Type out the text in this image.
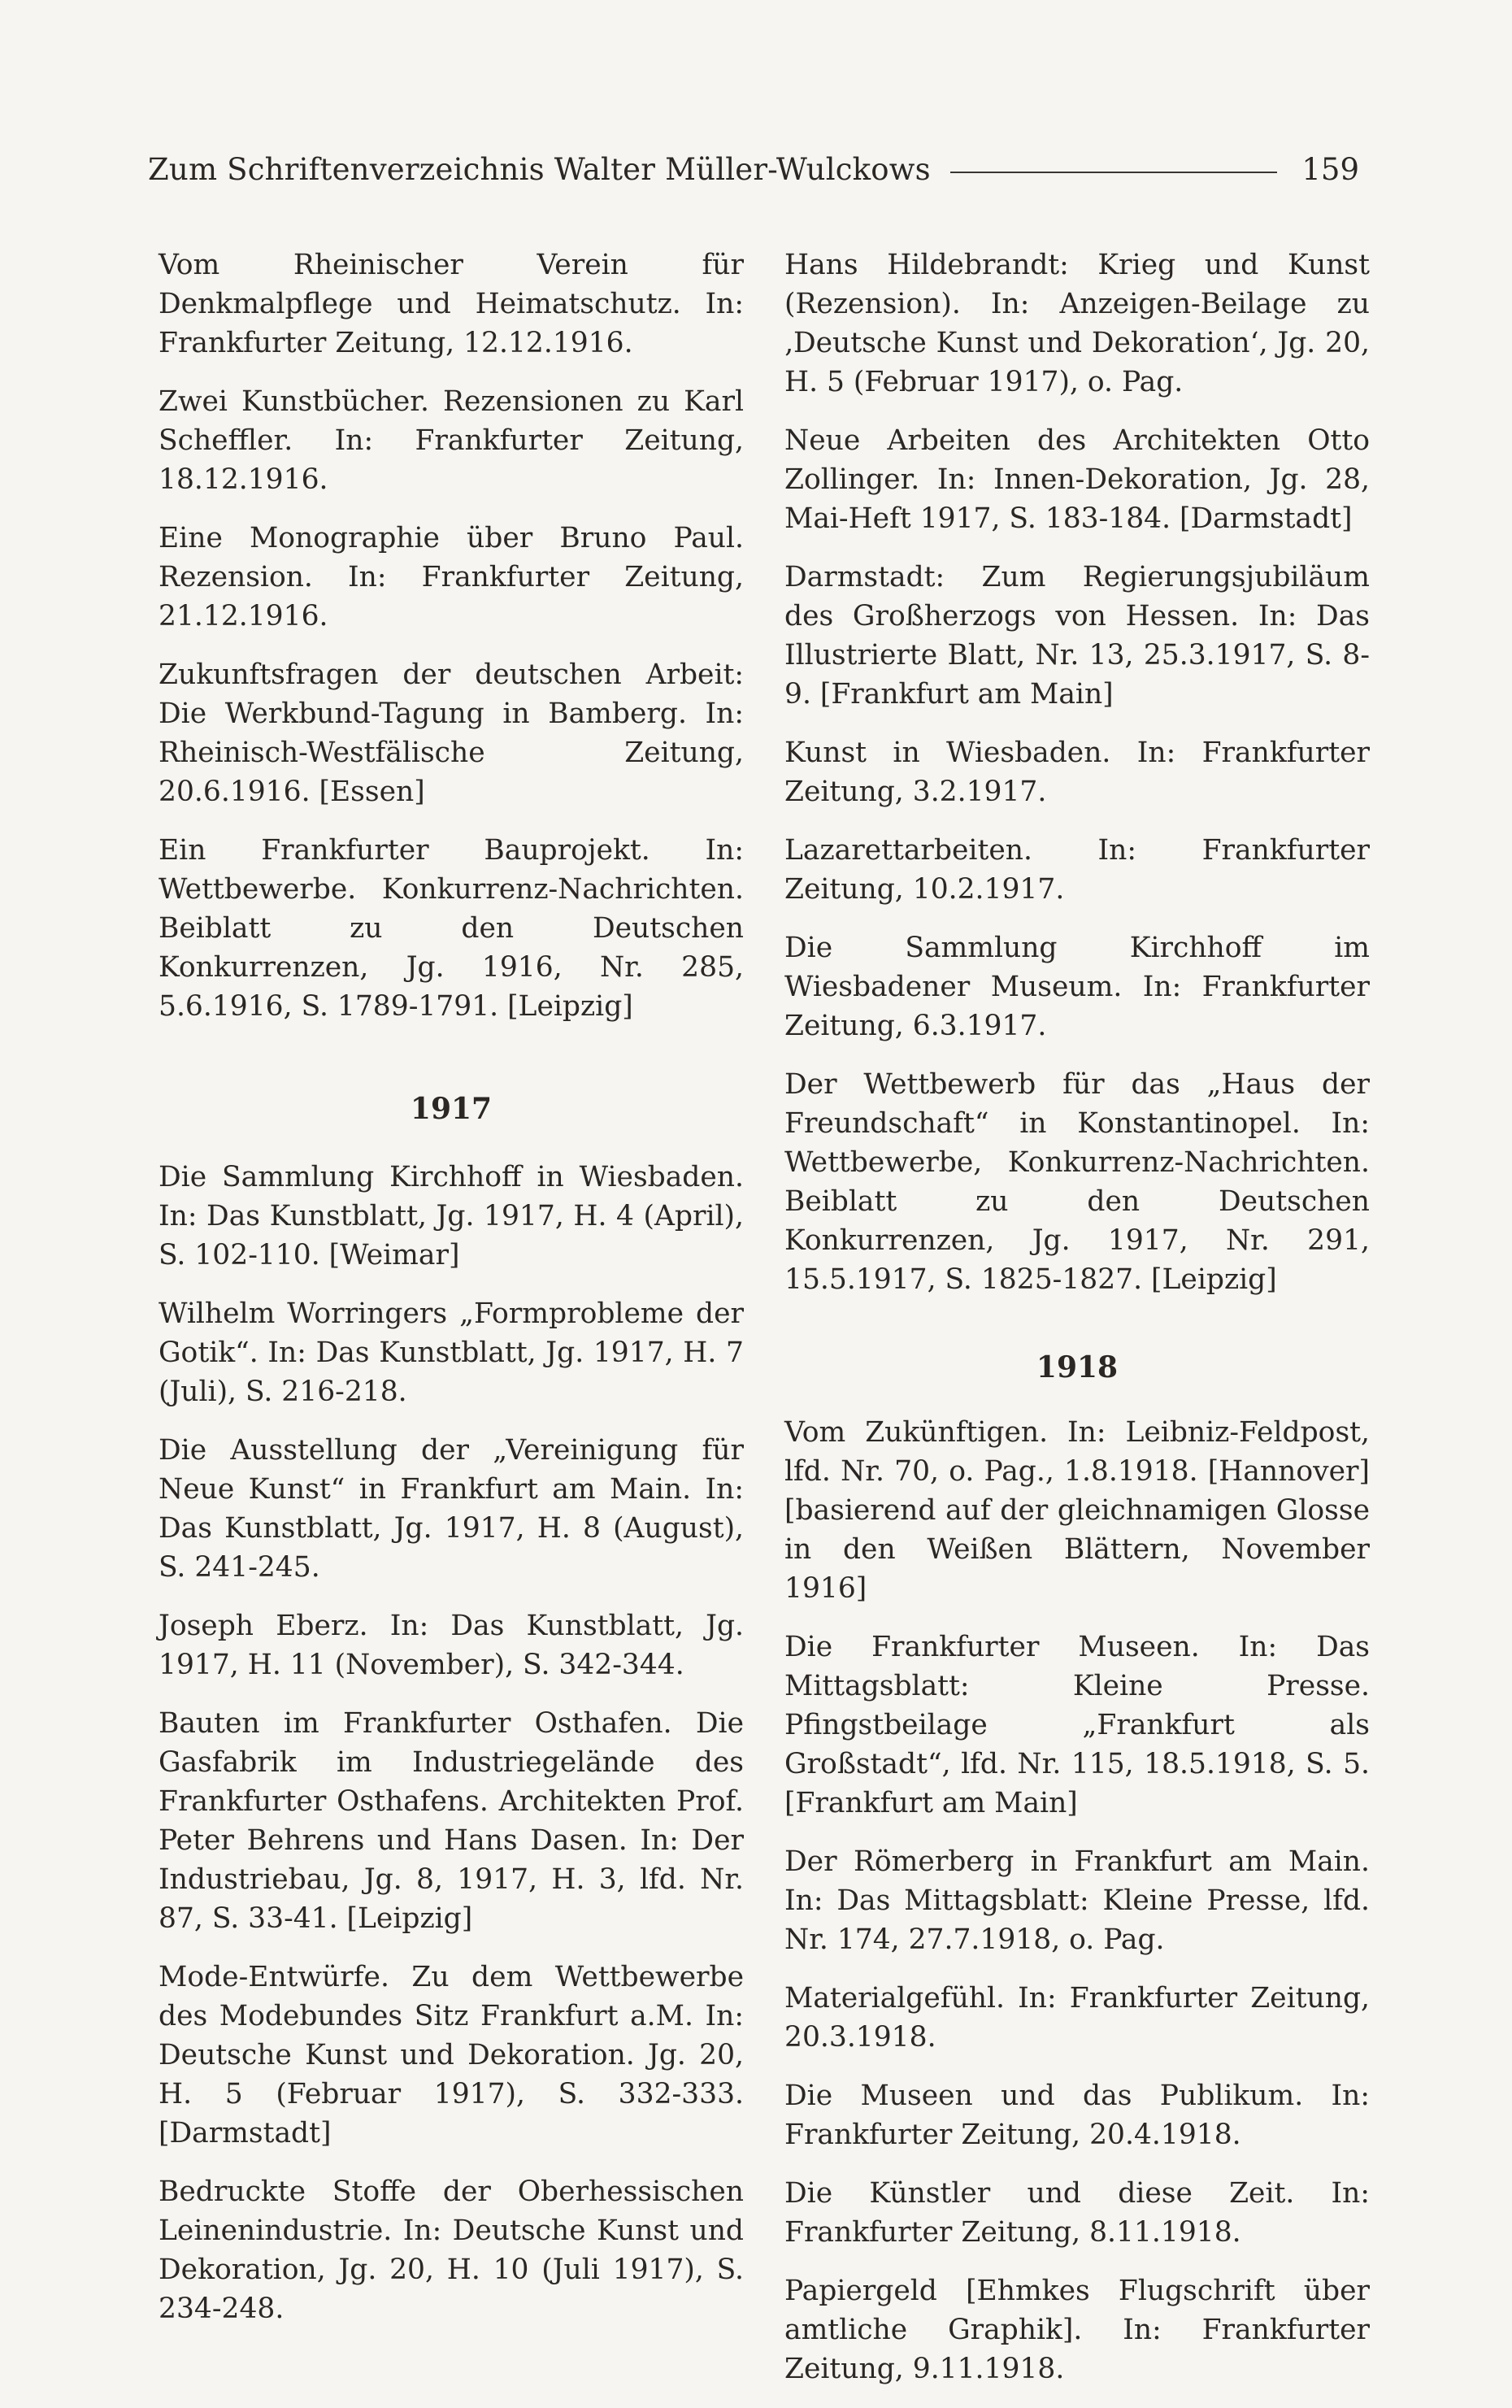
Zum Schriftenverzeichnis Walter Müller-Wulckows	159

Vom Rheinischer Verein für Denkmalpflege und Heimatschutz. In: Frankfurter Zeitung, 12.12.1916.

Zwei Kunstbücher. Rezensionen zu Karl Scheffler. In: Frankfurter Zeitung, 18.12.1916.

Eine Monographie über Bruno Paul. Rezension. In: Frankfurter Zeitung, 21.12.1916.

Zukunftsfragen der deutschen Arbeit: Die Werkbund-Tagung in Bamberg. In: Rheinisch-Westfälische Zeitung, 20.6.1916. [Essen]

Ein Frankfurter Bauprojekt. In: Wettbewerbe. Konkurrenz-Nachrichten. Beiblatt zu den Deutschen Konkurrenzen, Jg. 1916, Nr. 285, 5.6.1916, S. 1789-1791. [Leipzig]

1917

Die Sammlung Kirchhoff in Wiesbaden. In: Das Kunstblatt, Jg. 1917, H. 4 (April), S. 102-110. [Weimar]

Wilhelm Worringers „Formprobleme der Gotik“. In: Das Kunstblatt, Jg. 1917, H. 7 (Juli), S. 216-218.

Die Ausstellung der „Vereinigung für Neue Kunst“ in Frankfurt am Main. In: Das Kunstblatt, Jg. 1917, H. 8 (August), S. 241-245.

Joseph Eberz. In: Das Kunstblatt, Jg. 1917, H. 11 (November), S. 342-344.

Bauten im Frankfurter Osthafen. Die Gasfabrik im Industriegelände des Frankfurter Osthafens. Architekten Prof. Peter Behrens und Hans Dasen. In: Der Industriebau, Jg. 8, 1917, H. 3, lfd. Nr. 87, S. 33-41. [Leipzig]

Mode-Entwürfe. Zu dem Wettbewerbe des Modebundes Sitz Frankfurt a.M. In: Deutsche Kunst und Dekoration. Jg. 20, H. 5 (Februar 1917), S. 332-333. [Darmstadt]

Bedruckte Stoffe der Oberhessischen Leinenindustrie. In: Deutsche Kunst und Dekoration, Jg. 20, H. 10 (Juli 1917), S. 234-248.

Hans Hildebrandt: Krieg und Kunst (Rezension). In: Anzeigen-Beilage zu ‚Deutsche Kunst und Dekoration‘, Jg. 20, H. 5 (Februar 1917), o. Pag.

Neue Arbeiten des Architekten Otto Zollinger. In: Innen-Dekoration, Jg. 28, Mai-Heft 1917, S. 183-184. [Darmstadt]

Darmstadt: Zum Regierungsjubiläum des Großherzogs von Hessen. In: Das Illustrierte Blatt, Nr. 13, 25.3.1917, S. 8-9. [Frankfurt am Main]

Kunst in Wiesbaden. In: Frankfurter Zeitung, 3.2.1917.

Lazarettarbeiten. In: Frankfurter Zeitung, 10.2.1917.

Die Sammlung Kirchhoff im Wiesbadener Museum. In: Frankfurter Zeitung, 6.3.1917.

Der Wettbewerb für das „Haus der Freundschaft“ in Konstantinopel. In: Wettbewerbe, Konkurrenz-Nachrichten. Beiblatt zu den Deutschen Konkurrenzen, Jg. 1917, Nr. 291, 15.5.1917, S. 1825-1827. [Leipzig]

1918

Vom Zukünftigen. In: Leibniz-Feldpost, lfd. Nr. 70, o. Pag., 1.8.1918. [Hannover] [basierend auf der gleichnamigen Glosse in den Weißen Blättern, November 1916]

Die Frankfurter Museen. In: Das Mittagsblatt: Kleine Presse. Pfingstbeilage „Frankfurt als Großstadt“, lfd. Nr. 115, 18.5.1918, S. 5. [Frankfurt am Main]

Der Römerberg in Frankfurt am Main. In: Das Mittagsblatt: Kleine Presse, lfd. Nr. 174, 27.7.1918, o. Pag.

Materialgefühl. In: Frankfurter Zeitung, 20.3.1918.

Die Museen und das Publikum. In: Frankfurter Zeitung, 20.4.1918.

Die Künstler und diese Zeit. In: Frankfurter Zeitung, 8.11.1918.

Papiergeld [Ehmkes Flugschrift über amtliche Graphik]. In: Frankfurter Zeitung, 9.11.1918.
